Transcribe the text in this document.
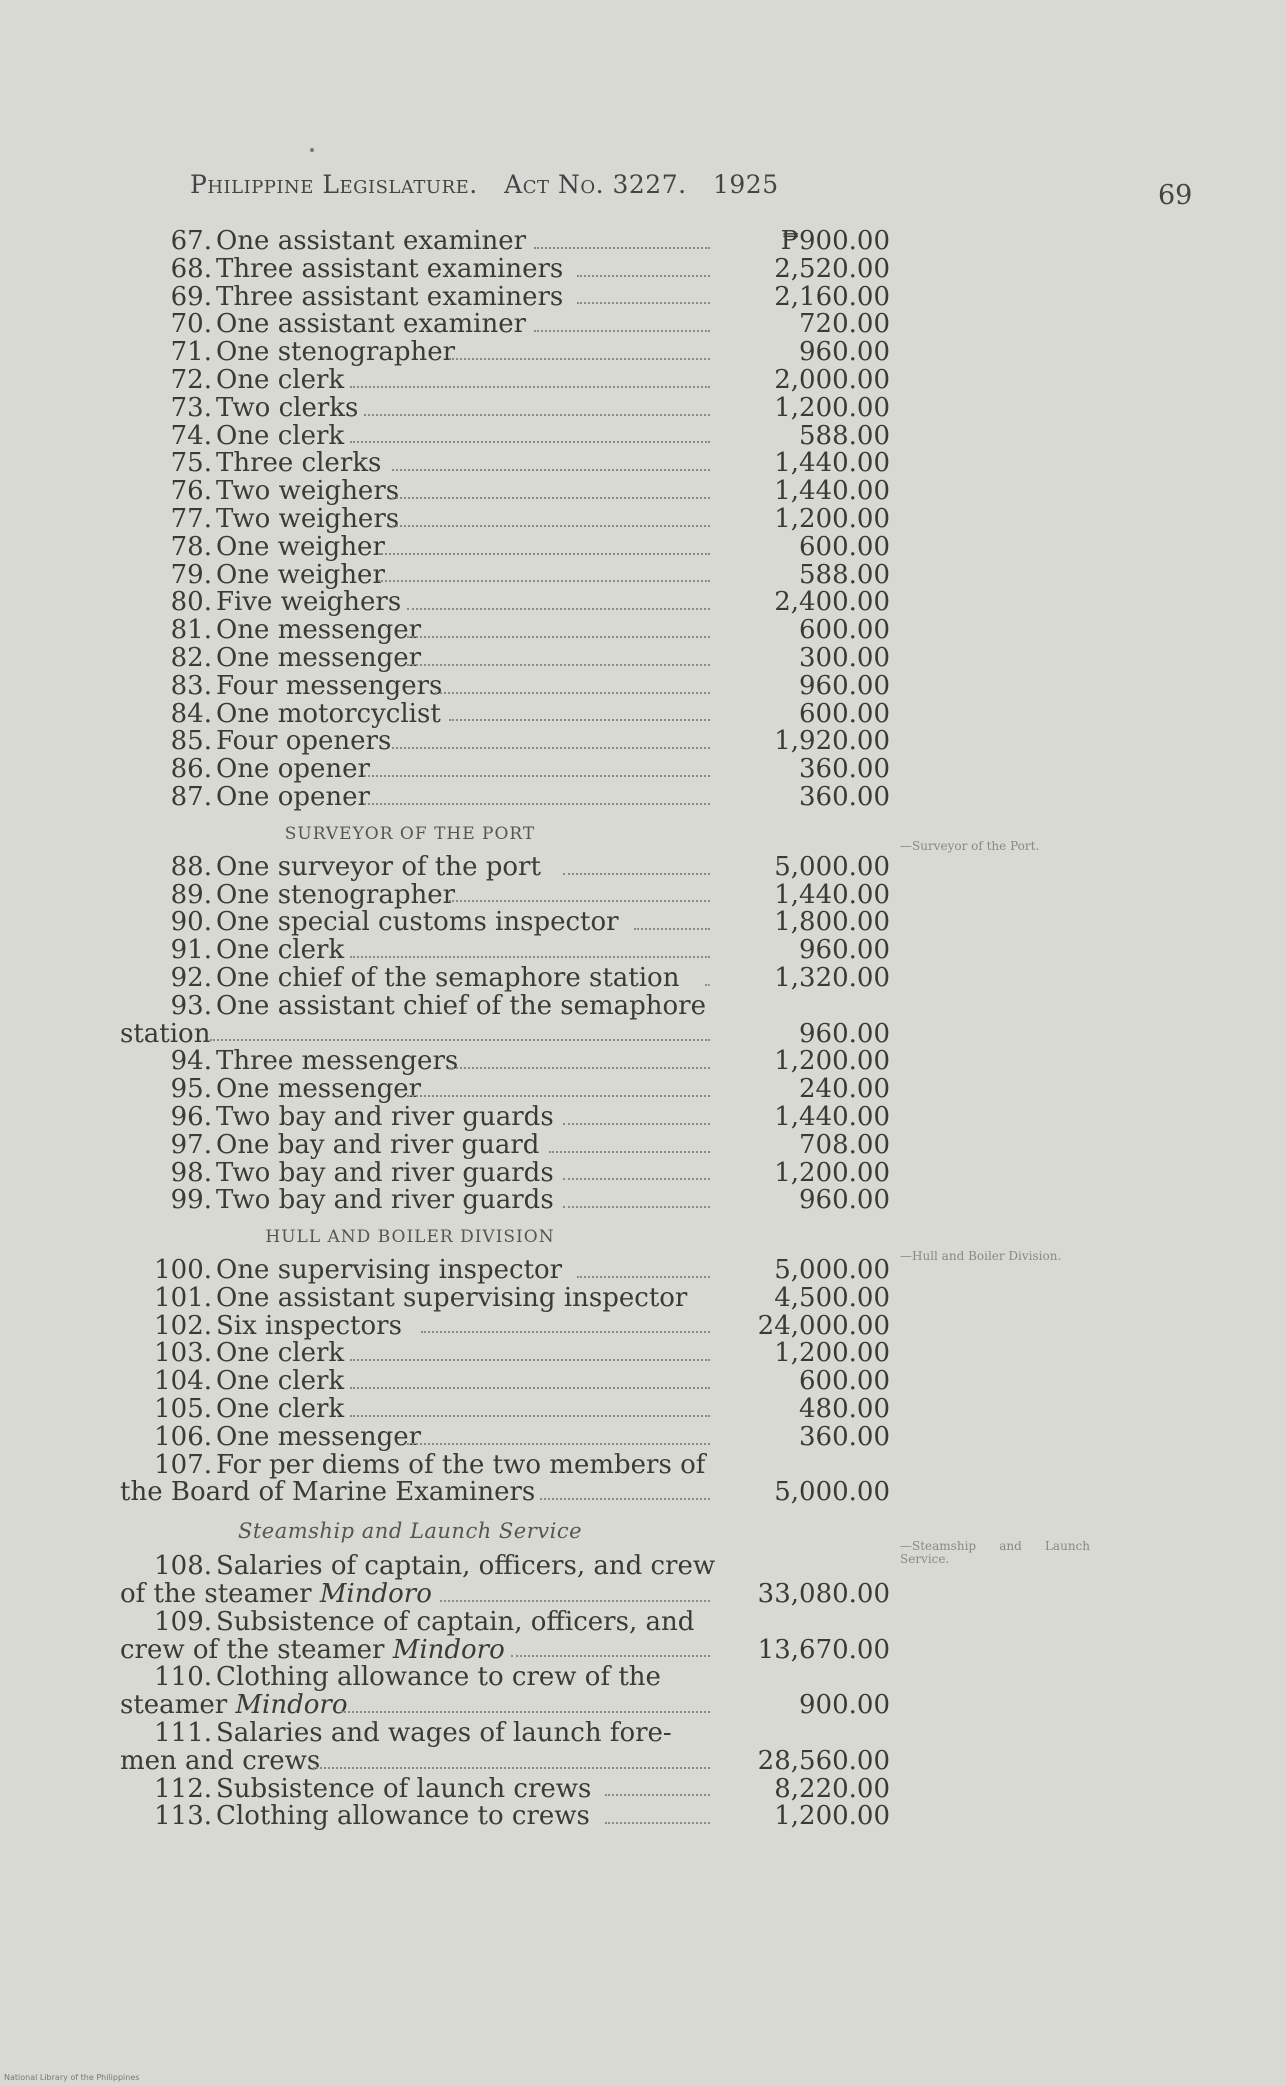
Philippine Legislature. Act No. 3227. 1925	69
67. One assistant examiner	₱900.00
68. Three assistant examiners	2,520.00
69. Three assistant examiners	2,160.00
70. One assistant examiner	720.00
71. One stenographer	960.00
72. One clerk	2,000.00
73. Two clerks	1,200.00
74. One clerk	588.00
75. Three clerks	1,440.00
76. Two weighers	1,440.00
77. Two weighers	1,200.00
78. One weigher	600.00
79. One weigher	588.00
80. Five weighers	2,400.00
81. One messenger	600.00
82. One messenger	300.00
83. Four messengers	960.00
84. One motorcyclist	600.00
85. Four openers	1,920.00
86. One opener	360.00
87. One opener	360.00
SURVEYOR OF THE PORT
88. One surveyor of the port	5,000.00
89. One stenographer	1,440.00
90. One special customs inspector	1,800.00
91. One clerk	960.00
92. One chief of the semaphore station	1,320.00
93. One assistant chief of the semaphore
station	960.00
94. Three messengers	1,200.00
95. One messenger	240.00
96. Two bay and river guards	1,440.00
97. One bay and river guard	708.00
98. Two bay and river guards	1,200.00
99. Two bay and river guards	960.00
HULL AND BOILER DIVISION
100. One supervising inspector	5,000.00
101. One assistant supervising inspector	4,500.00
102. Six inspectors	24,000.00
103. One clerk	1,200.00
104. One clerk	600.00
105. One clerk	480.00
106. One messenger	360.00
107. For per diems of the two members of
the Board of Marine Examiners	5,000.00
Steamship and Launch Service
108. Salaries of captain, officers, and crew
of the steamer Mindoro	33,080.00
109. Subsistence of captain, officers, and
crew of the steamer Mindoro	13,670.00
110. Clothing allowance to crew of the
steamer Mindoro	900.00
111. Salaries and wages of launch fore-
men and crews	28,560.00
112. Subsistence of launch crews	8,220.00
113. Clothing allowance to crews	1,200.00
—Surveyor of the Port.
—Hull and Boiler Division.
—Steamship and Launch Service.
National Library of the Philippines
